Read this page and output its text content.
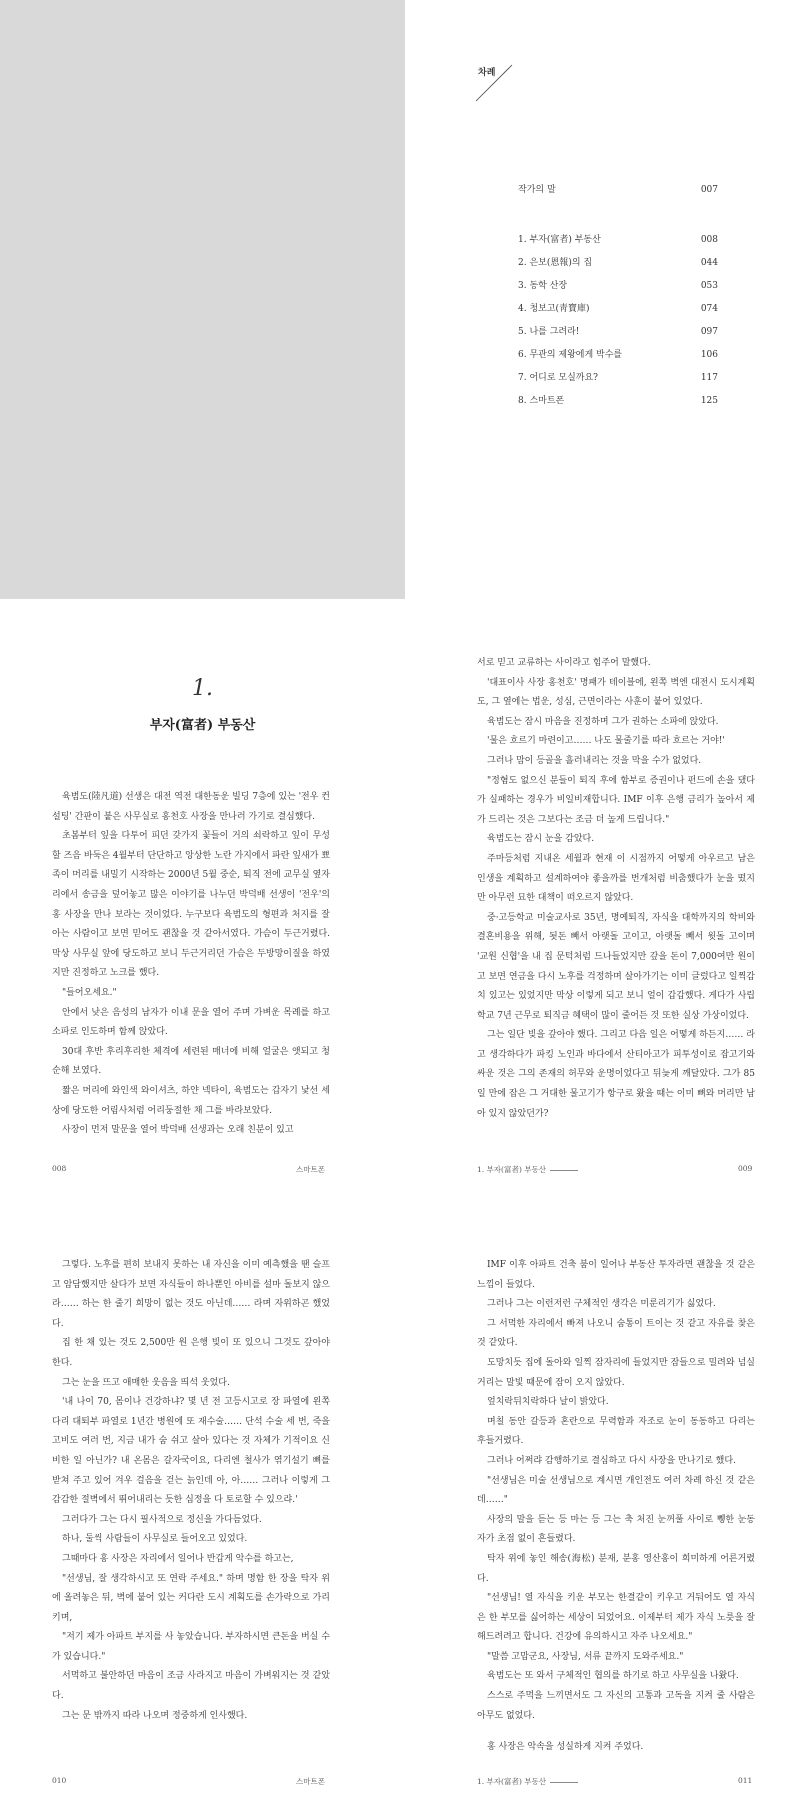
차례
작가의 말	007
1. 부자(富者) 부동산	008
2. 은보(恩報)의 집	044
3. 동학 산장	053
4. 청보고(靑寶庫)	074
5. 나를 그려라!	097
6. 무관의 제왕에게 박수를	106
7. 어디로 모실까요?	117
8. 스마트폰	125
1.
부자(富者) 부동산

육범도(陸凡道) 선생은 대전 역전 대한동운 빌딩 7층에 있는 '전우 컨설팅' 간판이 붙은 사무실로 홍천호 사장을 만나러 가기로 결심했다.

초봄부터 잎을 다투어 피던 갖가지 꽃들이 거의 쇠락하고 잎이 무성할 즈음 바둑은 4월부터 단단하고 앙상한 노란 가지에서 파란 잎새가 뾰족이 머리를 내밀기 시작하는 2000년 5월 중순, 퇴직 전에 교무실 옆자리에서 송금을 덮어놓고 많은 이야기를 나누던 박덕배 선생이 '전우'의 홍 사장을 만나 보라는 것이었다. 누구보다 육범도의 형편과 처지를 잘 아는 사람이고 보면 믿어도 괜찮을 것 같아서였다. 가슴이 두근거렸다. 막상 사무실 앞에 당도하고 보니 두근거리던 가슴은 두방망이질을 하였지만 진정하고 노크를 했다.

"들어오세요."

안에서 낮은 음성의 남자가 이내 문을 열어 주며 가벼운 목례를 하고 소파로 인도하며 함께 앉았다.

30대 후반 후리후리한 체격에 세련된 매너에 비해 얼굴은 앳되고 청순해 보였다.

짧은 머리에 와인색 와이셔츠, 하얀 넥타이, 육범도는 갑자기 낯선 세상에 당도한 어림사처럼 어리둥절한 채 그를 바라보았다.

사장이 먼저 말문을 열어 박덕배 선생과는 오래 친분이 있고

008	스마트폰

서로 믿고 교류하는 사이라고 힘주어 말했다.

'대표이사 사장 홍천호' 명패가 테이블에, 왼쪽 벽엔 대전시 도시계획도, 그 옆에는 법운, 성심, 근면이라는 사훈이 붙어 있었다.

육범도는 잠시 마음을 진정하며 그가 권하는 소파에 앉았다.

'물은 흐르기 마련이고…… 나도 물줄기를 따라 흐르는 거야!'

그러나 맘이 등골을 흘러내리는 것을 막을 수가 없었다.

"정혐도 없으신 분들이 퇴직 후에 함부로 증권이나 펀드에 손을 댔다가 실패하는 경우가 비일비재합니다. IMF 이후 은행 금리가 높아서 제가 드리는 것은 그보다는 조금 더 높게 드립니다."

육범도는 잠시 눈을 감았다.

주마등처럼 지내온 세월과 현재 이 시점까지 어떻게 아우르고 남은 인생을 계획하고 설계하여야 좋을까를 번개처럼 비춤했다가 눈을 떴지만 아무런 묘한 대책이 떠오르지 않았다.

중·고등학교 미술교사로 35년, 명예퇴직, 자식을 대학까지의 학비와 결혼비용을 위해, 됫돈 빼서 아랫돌 고이고, 아랫돌 빼서 윗돌 고이며 '교원 신협'을 내 집 문턱처럼 드나들었지만 갚을 돈이 7,000여만 원이고 보면 연금을 다시 노후를 걱정하며 살아가기는 이미 글렀다고 일찍감치 있고는 있었지만 막상 이렇게 되고 보니 얼이 갑갑했다. 게다가 사립학교 7년 근무로 퇴직금 혜택이 많이 줄어든 것 또한 실상 가상이었다.

그는 일단 빚을 갚아야 했다. 그리고 다음 일은 어떻게 하든지…… 라고 생각하다가 파킹 노인과 바다에서 산티아고가 피투성이로 잡고기와 싸운 것은 그의 존재의 허무와 운명이었다고 뒤늦게 깨달았다. 그가 85일 만에 잡은 그 거대한 물고기가 항구로 왔을 때는 이미 뼈와 머리만 남아 있지 않았던가?

1. 부자(富者) 부동산	009

그렇다. 노후를 편히 보내지 못하는 내 자신을 이미 예측했을 땐 슬프고 암담했지만 살다가 보면 자식들이 하나뿐인 아비를 설마 돌보지 않으라…… 하는 한 줄기 희망이 없는 것도 아닌데…… 라며 자위하곤 했었다.

집 한 채 있는 것도 2,500만 원 은행 빚이 또 있으니 그것도 갚아야 한다.

그는 눈을 뜨고 애매한 웃음을 띄석 웃었다.

'내 나이 70, 몸이나 건강하냐? 몇 년 전 고등시고로 장 파열에 왼쪽 다리 대퇴부 파열로 1년간 병원에 또 재수술…… 단석 수술 세 번, 죽을 고비도 여러 번, 지금 내가 숨 쉬고 살아 있다는 것 자체가 기적이요 신비한 일 아닌가? 내 온몸은 갈자국이요, 다리엔 철사가 엮기설기 뼈를 받쳐 주고 있어 겨우 걸음을 걷는 늙인데 아, 아…… 그러나 이렇게 그 감감한 절벽에서 뛰어내리는 듯한 심정을 다 토로할 수 있으랴.'

그러다가 그는 다시 필사적으로 정신을 가다듬었다.

하나, 둘씩 사람들이 사무실로 들어오고 있었다.

그때마다 홍 사장은 자리에서 일어나 반갑게 악수를 하고는,

"선생님, 잘 생각하시고 또 연락 주세요." 하며 명함 한 장을 탁자 위에 올려놓은 뒤, 벽에 붙어 있는 커다란 도시 계획도를 손가락으로 가리키며,

"저기 제가 아파트 부지를 사 놓았습니다. 부자하시면 큰돈을 버실 수가 있습니다."

서먹하고 불안하던 마음이 조금 사라지고 마음이 가벼워지는 것 같았다.

그는 문 밖까지 따라 나오며 정중하게 인사했다.

010	스마트폰

IMF 이후 아파트 건축 붐이 일어나 부동산 투자라면 괜찮을 것 같은 느낌이 들었다.

그러나 그는 이런저런 구체적인 생각은 미룬리기가 싫었다.

그 서먹한 자리에서 빠져 나오니 숨통이 트이는 것 같고 자유를 찾은 것 같았다.

도망치듯 집에 돌아와 일찍 잠자리에 들었지만 잠들으로 밀려와 넘실거리는 말빛 때문에 잠이 오지 않았다.

엎치락뒤치락하다 날이 밝았다.

며칠 동안 갈등과 혼란으로 무력함과 자조로 눈이 동동하고 다리는 후들거렸다.

그러나 어쩌랴 감행하기로 결심하고 다시 사장을 만나기로 했다.

"선생님은 미술 선생님으로 계시면 개인전도 여러 차례 하신 것 같은데……"

사장의 말을 듣는 등 마는 등 그는 축 처진 눈꺼풀 사이로 쀙한 눈동자가 초점 없이 흔들렸다.

탁자 위에 놓인 해송(海松) 분재, 분홍 영산홍이 희미하게 어른거렸다.

"선생님! 열 자식을 키운 부모는 한결같이 키우고 거둬어도 열 자식은 한 부모를 싫어하는 세상이 되었어요. 이제부터 제가 자식 노릇을 잘 해드려려고 합니다. 건강에 유의하시고 자주 나오세요."

"말씀 고맙군요, 사장님, 서류 끝까지 도와주세요."

육범도는 또 와서 구체적인 협의를 하기로 하고 사무실을 나왔다.

스스로 주먹을 느끼면서도 그 자신의 고통과 고독을 지켜 줄 사람은 아무도 없었다.

홍 사장은 악속을 성실하게 지켜 주었다.

1. 부자(富者) 부동산	011
